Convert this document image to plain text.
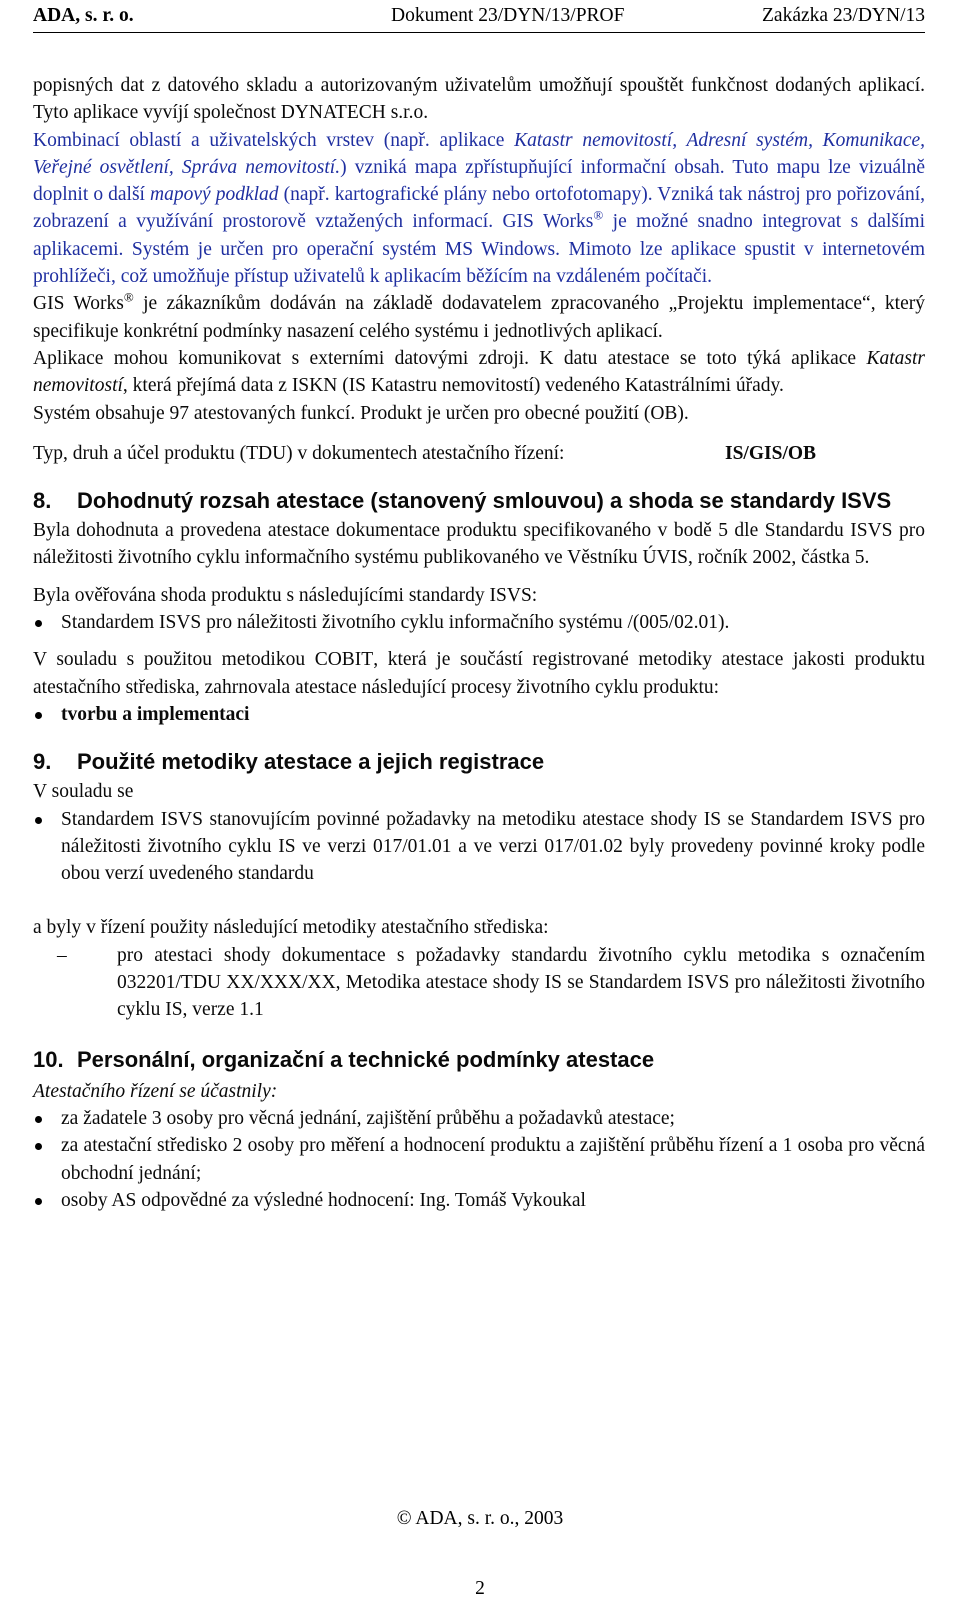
ADA, s. r. o.	Dokument 23/DYN/13/PROF	Zakázka 23/DYN/13

popisných dat z datového skladu a autorizovaným uživatelům umožňují spouštět funkčnost dodaných aplikací. Tyto aplikace vyvíjí společnost DYNATECH s.r.o.

Kombinací oblastí a uživatelských vrstev (např. aplikace Katastr nemovitostí, Adresní systém, Komunikace, Veřejné osvětlení, Správa nemovitostí.) vzniká mapa zpřístupňující informační obsah. Tuto mapu lze vizuálně doplnit o další mapový podklad (např. kartografické plány nebo ortofotomapy). Vzniká tak nástroj pro pořizování, zobrazení a využívání prostorově vztažených informací. GIS Works® je možné snadno integrovat s dalšími aplikacemi. Systém je určen pro operační systém MS Windows. Mimoto lze aplikace spustit v internetovém prohlížeči, což umožňuje přístup uživatelů k aplikacím běžícím na vzdáleném počítači.

GIS Works® je zákazníkům dodáván na základě dodavatelem zpracovaného „Projektu implementace“, který specifikuje konkrétní podmínky nasazení celého systému i jednotlivých aplikací.

Aplikace mohou komunikovat s externími datovými zdroji. K datu atestace se toto týká aplikace Katastr nemovitostí, která přejímá data z ISKN (IS Katastru nemovitostí) vedeného Katastrálními úřady.

Systém obsahuje 97 atestovaných funkcí. Produkt je určen pro obecné použití (OB).

Typ, druh a účel produktu (TDU) v dokumentech atestačního řízení:	IS/GIS/OB

8.	Dohodnutý rozsah atestace (stanovený smlouvou) a shoda se standardy ISVS

Byla dohodnuta a provedena atestace dokumentace produktu specifikovaného v bodě 5 dle Standardu ISVS pro náležitosti životního cyklu informačního systému publikovaného ve Věstníku ÚVIS, ročník 2002, částka 5.

Byla ověřována shoda produktu s následujícími standardy ISVS:

Standardem ISVS pro náležitosti životního cyklu informačního systému /(005/02.01).

V souladu s použitou metodikou COBIT, která je součástí registrované metodiky atestace jakosti produktu atestačního střediska, zahrnovala atestace následující procesy životního cyklu produktu:

tvorbu a implementaci
9.	Použité metodiky atestace a jejich registrace

V souladu se

Standardem ISVS stanovujícím povinné požadavky na metodiku atestace shody IS se Standardem ISVS pro náležitosti životního cyklu IS ve verzi 017/01.01 a ve verzi 017/01.02 byly provedeny povinné kroky podle obou verzí uvedeného standardu

a byly v řízení použity následující metodiky atestačního střediska:

– pro atestaci shody dokumentace s požadavky standardu životního cyklu metodika s označením 032201/TDU XX/XXX/XX, Metodika atestace shody IS se Standardem ISVS pro náležitosti životního cyklu IS, verze 1.1
10. Personální, organizační a technické podmínky atestace

Atestačního řízení se účastnily:

za žadatele 3 osoby pro věcná jednání, zajištění průběhu a požadavků atestace;
za atestační středisko 2 osoby pro měření a hodnocení produktu a zajištění průběhu řízení a 1 osoba pro věcná obchodní jednání;
osoby AS odpovědné za výsledné hodnocení: Ing. Tomáš Vykoukal
© ADA, s. r. o., 2003
2
